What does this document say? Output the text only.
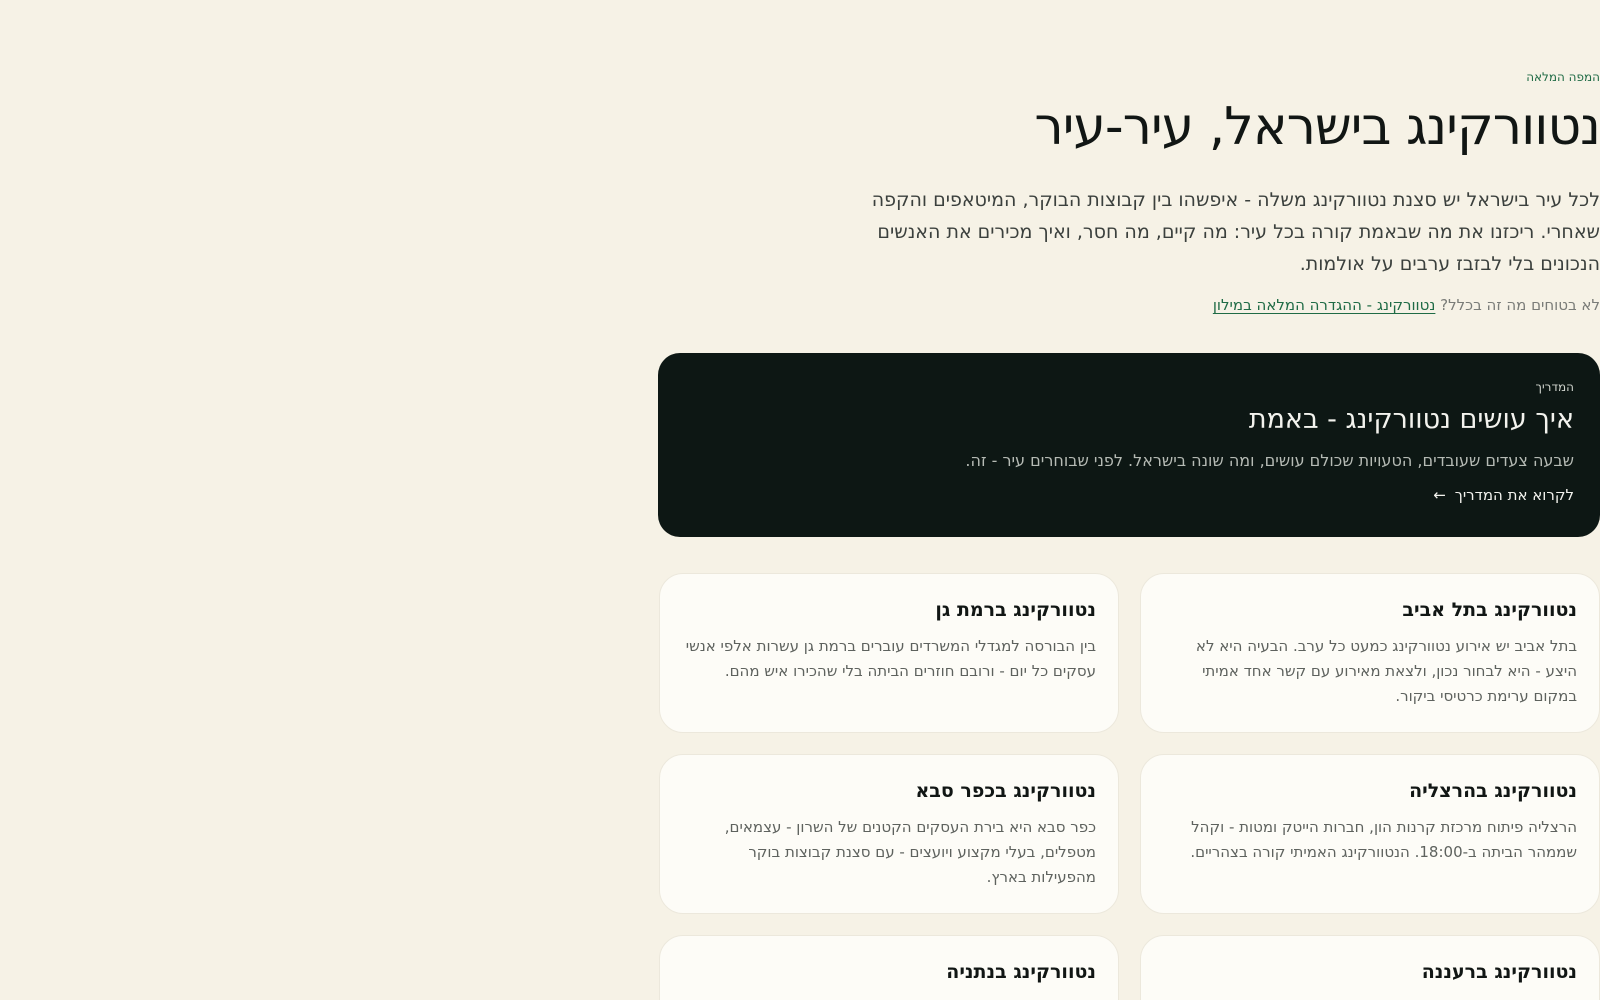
המפה המלאה

נטוורקינג בישראל, עיר-עיר

לכל עיר בישראל יש סצנת נטוורקינג משלה - איפשהו בין קבוצות הבוקר, המיטאפים והקפה שאחרי. ריכזנו את מה שבאמת קורה בכל עיר: מה קיים, מה חסר, ואיך מכירים את האנשים הנכונים בלי לבזבז ערבים על אולמות.

לא בטוחים מה זה בכלל? נטוורקינג - ההגדרה המלאה במילון

המדריך

איך עושים נטוורקינג - באמת

שבעה צעדים שעובדים, הטעויות שכולם עושים, ומה שונה בישראל. לפני שבוחרים עיר - זה.

לקרוא את המדריך ←
נטוורקינג בתל אביב

בתל אביב יש אירוע נטוורקינג כמעט כל ערב. הבעיה היא לא היצע - היא לבחור נכון, ולצאת מאירוע עם קשר אחד אמיתי במקום ערימת כרטיסי ביקור.

נטוורקינג ברמת גן

בין הבורסה למגדלי המשרדים עוברים ברמת גן עשרות אלפי אנשי עסקים כל יום - ורובם חוזרים הביתה בלי שהכירו איש מהם.

נטוורקינג בהרצליה

הרצליה פיתוח מרכזת קרנות הון, חברות הייטק ומטות - וקהל שממהר הביתה ב-18:00. הנטוורקינג האמיתי קורה בצהריים.

נטוורקינג בכפר סבא

כפר סבא היא בירת העסקים הקטנים של השרון - עצמאים, מטפלים, בעלי מקצוע ויועצים - עם סצנת קבוצות בוקר מהפעילות בארץ.

נטוורקינג ברעננה

נטוורקינג בנתניה
